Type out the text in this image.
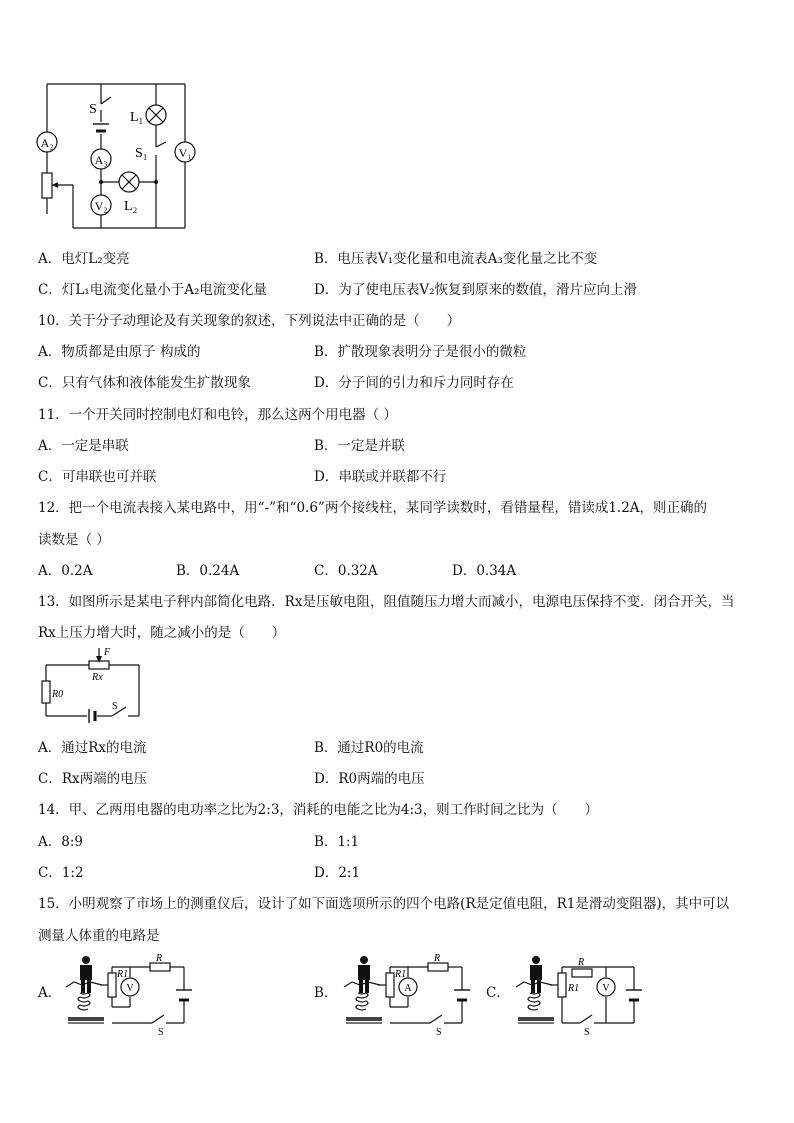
A₂
A₃
V₂
V₁
L₁
L₂
S
S₁
A．电灯L₂变亮	B．电压表V₁变化量和电流表A₃变化量之比不变
C．灯L₁电流变化量小于A₂电流变化量	D．为了使电压表V₂恢复到原来的数值，滑片应向上滑
10．关于分子动理论及有关现象的叙述，下列说法中正确的是（　　）
A．物质都是由原子 构成的	B．扩散现象表明分子是很小的微粒
C．只有气体和液体能发生扩散现象	D．分子间的引力和斥力同时存在
11．一个开关同时控制电灯和电铃，那么这两个用电器（ ）
A．一定是串联	B．一定是并联
C．可串联也可并联	D．串联或并联都不行
12．把一个电流表接入某电路中，用“-”和“0.6”两个接线柱，某同学读数时，看错量程，错读成1.2A，则正确的
读数是（ ）
A．0.2A	B．0.24A	C．0.32A	D．0.34A
13．如图所示是某电子秤内部简化电路．Rx是压敏电阻，阻值随压力增大而减小，电源电压保持不变．闭合开关，当
Rx上压力增大时，随之减小的是（　　）
F
Rx
R0
S
A．通过Rx的电流	B．通过R0的电流
C．Rx两端的电压	D．R0两端的电压
14．甲、乙两用电器的电功率之比为2:3，消耗的电能之比为4:3，则工作时间之比为（　　）
A．8:9	B．1:1
C．1:2	D．2:1
15．小明观察了市场上的测重仪后，设计了如下面选项所示的四个电路(R是定值电阻，R1是滑动变阻器)，其中可以
测量人体重的电路是
A．	B．	C．
R1
R
V
S
R1
R
A
S
R1
R
V
S
